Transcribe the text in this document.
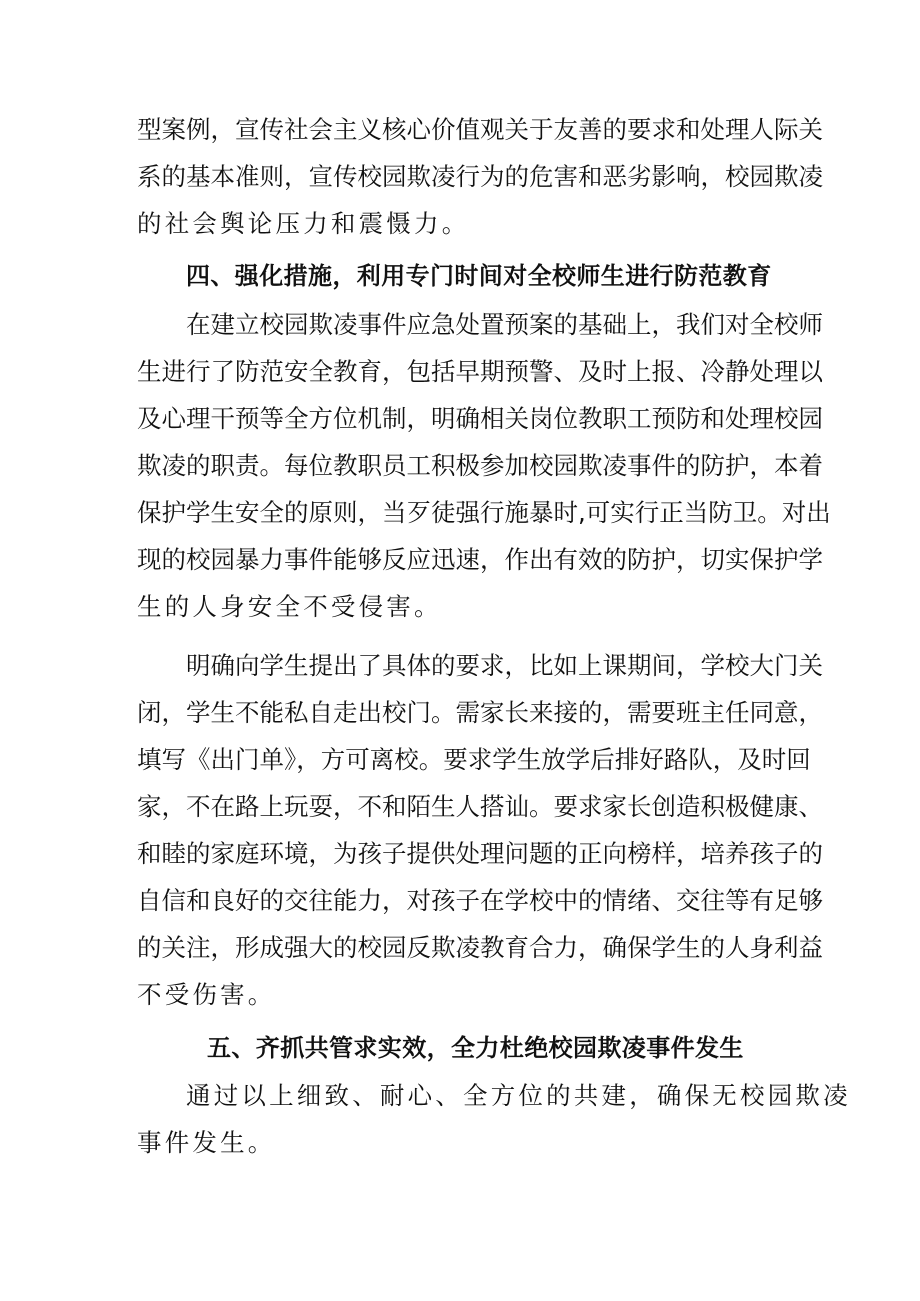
型案例，宣传社会主义核心价值观关于友善的要求和处理人际关
系的基本准则，宣传校园欺凌行为的危害和恶劣影响，校园欺凌
的社会舆论压力和震慑力。
四、强化措施，利用专门时间对全校师生进行防范教育
在建立校园欺凌事件应急处置预案的基础上，我们对全校师
生进行了防范安全教育，包括早期预警、及时上报、冷静处理以
及心理干预等全方位机制，明确相关岗位教职工预防和处理校园
欺凌的职责。每位教职员工积极参加校园欺凌事件的防护，本着
保护学生安全的原则，当歹徒强行施暴时,可实行正当防卫。对出
现的校园暴力事件能够反应迅速，作出有效的防护，切实保护学
生的人身安全不受侵害。
明确向学生提出了具体的要求，比如上课期间，学校大门关
闭，学生不能私自走出校门。需家长来接的，需要班主任同意，
填写《出门单》，方可离校。要求学生放学后排好路队，及时回
家，不在路上玩耍，不和陌生人搭讪。要求家长创造积极健康、
和睦的家庭环境，为孩子提供处理问题的正向榜样，培养孩子的
自信和良好的交往能力，对孩子在学校中的情绪、交往等有足够
的关注，形成强大的校园反欺凌教育合力，确保学生的人身利益
不受伤害。
五、齐抓共管求实效，全力杜绝校园欺凌事件发生
通过以上细致、耐心、全方位的共建，确保无校园欺凌
事件发生。
